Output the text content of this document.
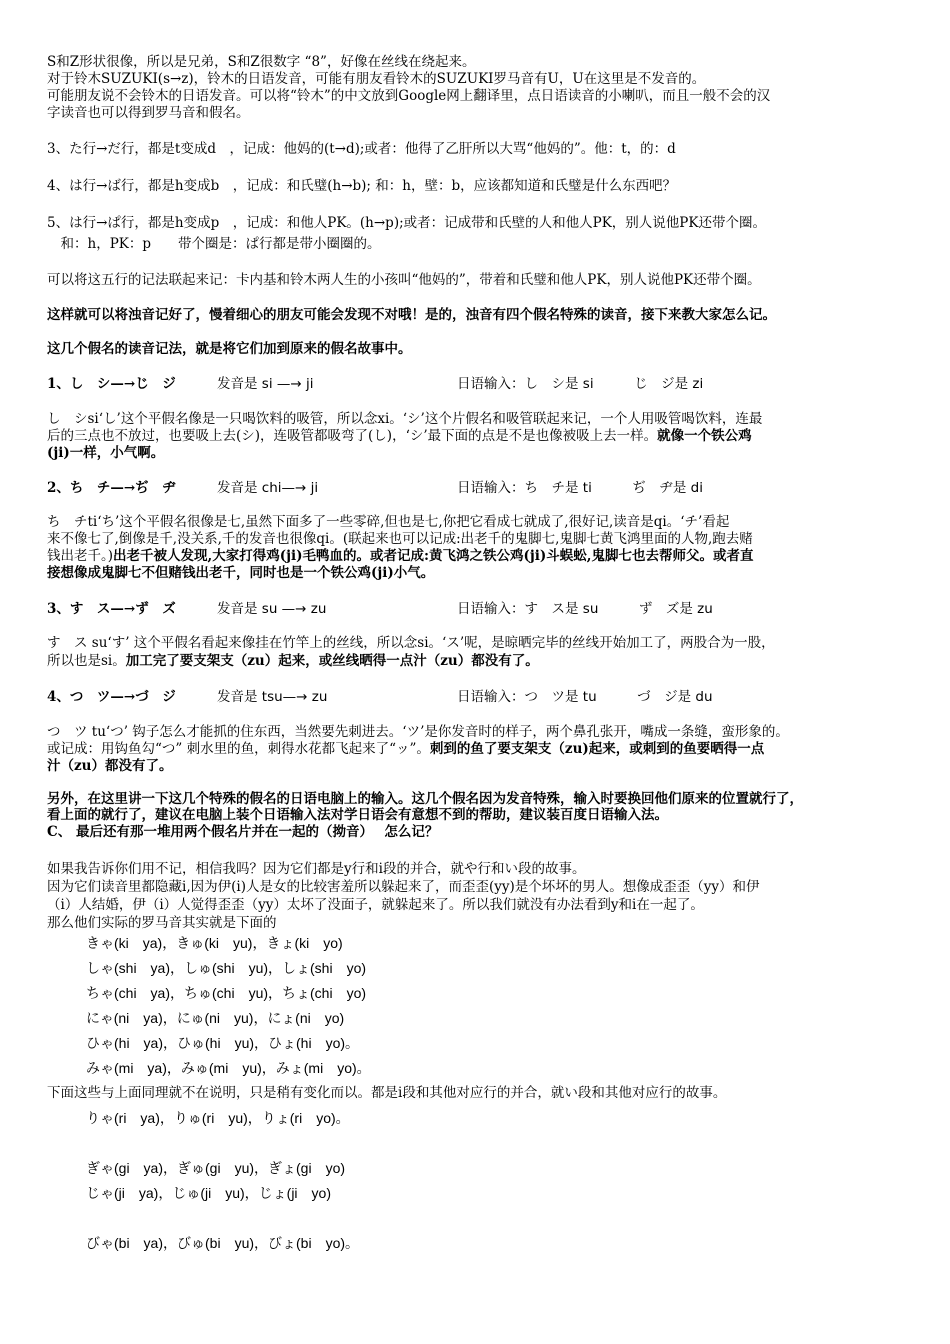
S和Z形状很像，所以是兄弟，S和Z很数字 “8”，好像在丝线在绕起来。
对于铃木SUZUKI(s→z)，铃木的日语发音，可能有朋友看铃木的SUZUKI罗马音有U，U在这里是不发音的。
可能朋友说不会铃木的日语发音。可以将“铃木”的中文放到Google网上翻译里，点日语读音的小喇叭，而且一般不会的汉
字读音也可以得到罗马音和假名。
3、た行→だ行，都是t变成d　，记成：他妈的(t→d);或者：他得了乙肝所以大骂“他妈的”。他：t，的：d
4、は行→ば行，都是h变成b　，记成：和氏璧(h→b); 和：h，壁：b，应该都知道和氏璧是什么东西吧？
5、は行→ぱ行，都是h变成p　，记成：和他人PK。(h→p);或者：记成带和氏壁的人和他人PK，别人说他PK还带个圈。
　和：h，PK：p　　带个圈是：ぱ行都是带小圈圈的。
可以将这五行的记法联起来记：卡内基和铃木两人生的小孩叫“他妈的”，带着和氏璧和他人PK，别人说他PK还带个圈。
这样就可以将浊音记好了，慢着细心的朋友可能会发现不对哦！是的，浊音有四个假名特殊的读音，接下来教大家怎么记。
这几个假名的读音记法，就是将它们加到原来的假名故事中。
1、し　シ—→じ　ジ	发音是 si —→ ji	日语输入：し　シ是 si　　　じ　ジ是 zi
し　シsi‘し’这个平假名像是一只喝饮料的吸管，所以念xi。‘シ’这个片假名和吸管联起来记，一个人用吸管喝饮料，连最
后的三点也不放过，也要吸上去(シ)，连吸管都吸弯了(し)，‘シ’最下面的点是不是也像被吸上去一样。就像一个铁公鸡
(ji)一样，小气啊。
2、ち　チ—→ぢ　ヂ	发音是 chi—→ ji	日语输入：ち　チ是 ti　　　ぢ　ヂ是 di
ち　チti‘ち’这个平假名很像是七,虽然下面多了一些零碎,但也是七,你把它看成七就成了,很好记,读音是qi。‘チ’看起
来不像七了,倒像是千,没关系,千的发音也很像qi。(联起来也可以记成:出老千的鬼脚七,鬼脚七黄飞鸿里面的人物,跑去赌
钱出老千。)出老千被人发现,大家打得鸡(ji)毛鸭血的。或者记成:黄飞鸿之铁公鸡(ji)斗蜈蚣,鬼脚七也去帮师父。或者直
接想像成鬼脚七不但赌钱出老千，同时也是一个铁公鸡(ji)小气。
3、す　ス—→ず　ズ	发音是 su —→ zu	日语输入：す　ス是 su　　　ず　ズ是 zu
す　ス su‘す’ 这个平假名看起来像挂在竹竿上的丝线，所以念si。‘ス’呢，是晾晒完毕的丝线开始加工了，两股合为一股，
所以也是si。加工完了要支架支（zu）起来，或丝线晒得一点汁（zu）都没有了。
4、つ　ツ—→づ　ジ	发音是 tsu—→ zu	日语输入：つ　ツ是 tu　　　づ　ジ是 du
つ　ツ tu‘つ’ 钩子怎么才能抓的住东西，当然要先刺进去。‘ツ’是你发音时的样子，两个鼻孔张开，嘴成一条缝，蛮形象的。
或记成：用钩鱼勾“つ” 刺水里的鱼，刺得水花都飞起来了“ッ”。刺到的鱼了要支架支（zu)起来，或刺到的鱼要晒得一点
汁（zu）都没有了。
另外，在这里讲一下这几个特殊的假名的日语电脑上的输入。这几个假名因为发音特殊，输入时要换回他们原来的位置就行了，
看上面的就行了，建议在电脑上装个日语输入法对学日语会有意想不到的帮助，建议装百度日语输入法。
C、 最后还有那一堆用两个假名片并在一起的（拗音）　 怎么记？
如果我告诉你们用不记，相信我吗？因为它们都是y行和i段的并合，就や行和い段的故事。
因为它们读音里都隐藏i,因为伊(i)人是女的比较害羞所以躲起来了，而歪歪(yy)是个坏坏的男人。想像成歪歪（yy）和伊
（i）人结婚，伊（i）人觉得歪歪（yy）太坏了没面子，就躲起来了。所以我们就没有办法看到y和i在一起了。
那么他们实际的罗马音其实就是下面的
きゃ(ki　ya)，きゅ(ki　yu)，きょ(ki　yo)
しゃ(shi　ya)，しゅ(shi　yu)，しょ(shi　yo)
ちゃ(chi　ya)，ちゅ(chi　yu)，ちょ(chi　yo)
にゃ(ni　ya)，にゅ(ni　yu)，にょ(ni　yo)
ひゃ(hi　ya)，ひゅ(hi　yu)，ひょ(hi　yo)。
みゃ(mi　ya)，みゅ(mi　yu)，みょ(mi　yo)。
下面这些与上面同理就不在说明，只是稍有变化而以。都是i段和其他对应行的并合，就い段和其他对应行的故事。
りゃ(ri　ya)，りゅ(ri　yu)，りょ(ri　yo)。
ぎゃ(gi　ya)，ぎゅ(gi　yu)，ぎょ(gi　yo)
じゃ(ji　ya)，じゅ(ji　yu)，じょ(ji　yo)
びゃ(bi　ya)，びゅ(bi　yu)，びょ(bi　yo)。
